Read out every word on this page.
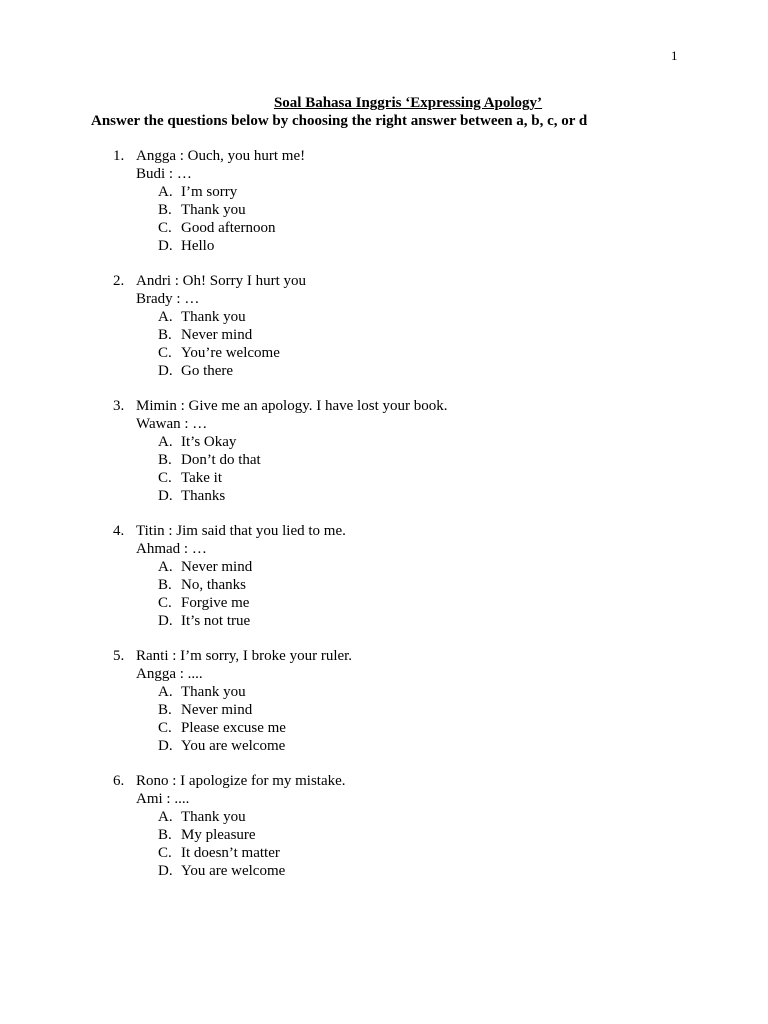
1
Soal Bahasa Inggris ‘Expressing Apology’
Answer the questions below by choosing the right answer between a, b, c, or d
1. Angga : Ouch, you hurt me!
Budi : …
A. I’m sorry
B. Thank you
C. Good afternoon
D. Hello
2. Andri : Oh! Sorry I hurt you
Brady : …
A. Thank you
B. Never mind
C. You’re welcome
D. Go there
3. Mimin : Give me an apology. I have lost your book.
Wawan : …
A. It’s Okay
B. Don’t do that
C. Take it
D. Thanks
4. Titin : Jim said that you lied to me.
Ahmad : …
A. Never mind
B. No, thanks
C. Forgive me
D. It’s not true
5. Ranti : I’m sorry, I broke your ruler.
Angga : ....
A. Thank you
B. Never mind
C. Please excuse me
D. You are welcome
6. Rono : I apologize for my mistake.
Ami : ....
A. Thank you
B. My pleasure
C. It doesn’t matter
D. You are welcome
